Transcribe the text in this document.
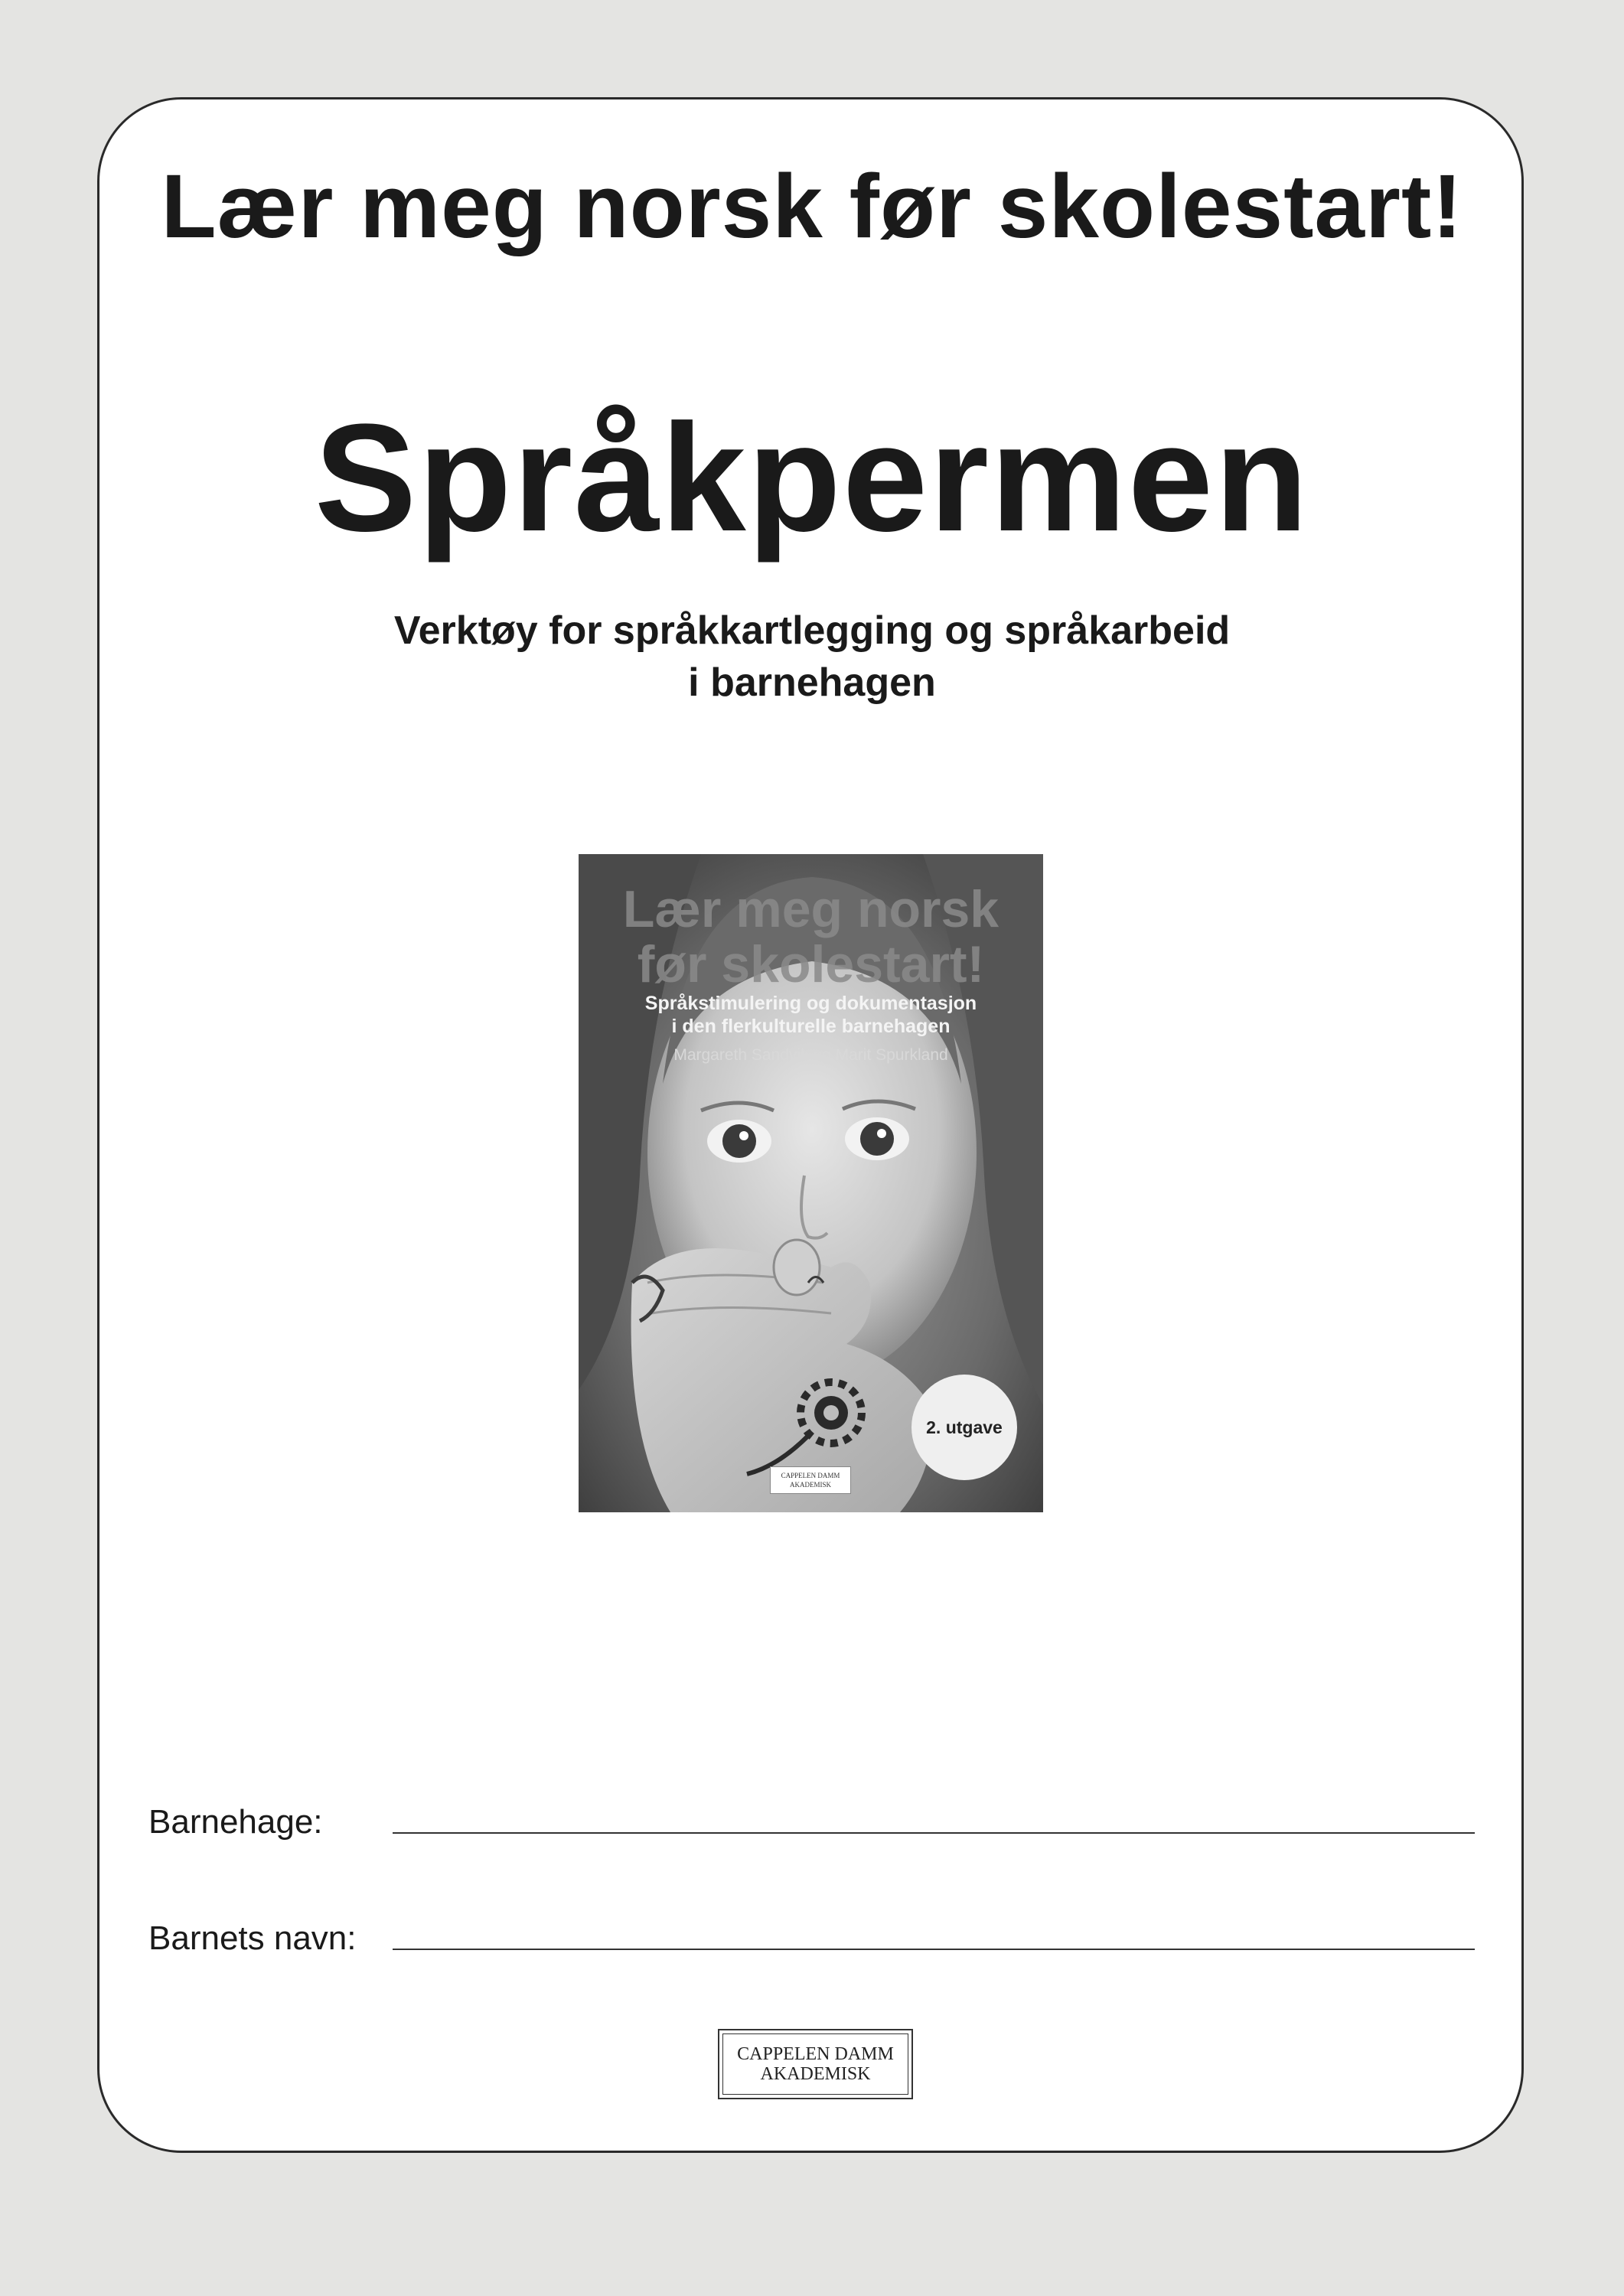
Lær meg norsk før skolestart!
Språkpermen
Verktøy for språkkartlegging og språkarbeid
i barnehagen
Lær meg norsk
før skolestart!
Språkstimulering og dokumentasjon
i den flerkulturelle barnehagen
Margareth Sandvik og Marit Spurkland
2. utgave
CAPPELEN DAMM
AKADEMISK
Barnehage:
Barnets navn:
CAPPELEN DAMM
AKADEMISK
